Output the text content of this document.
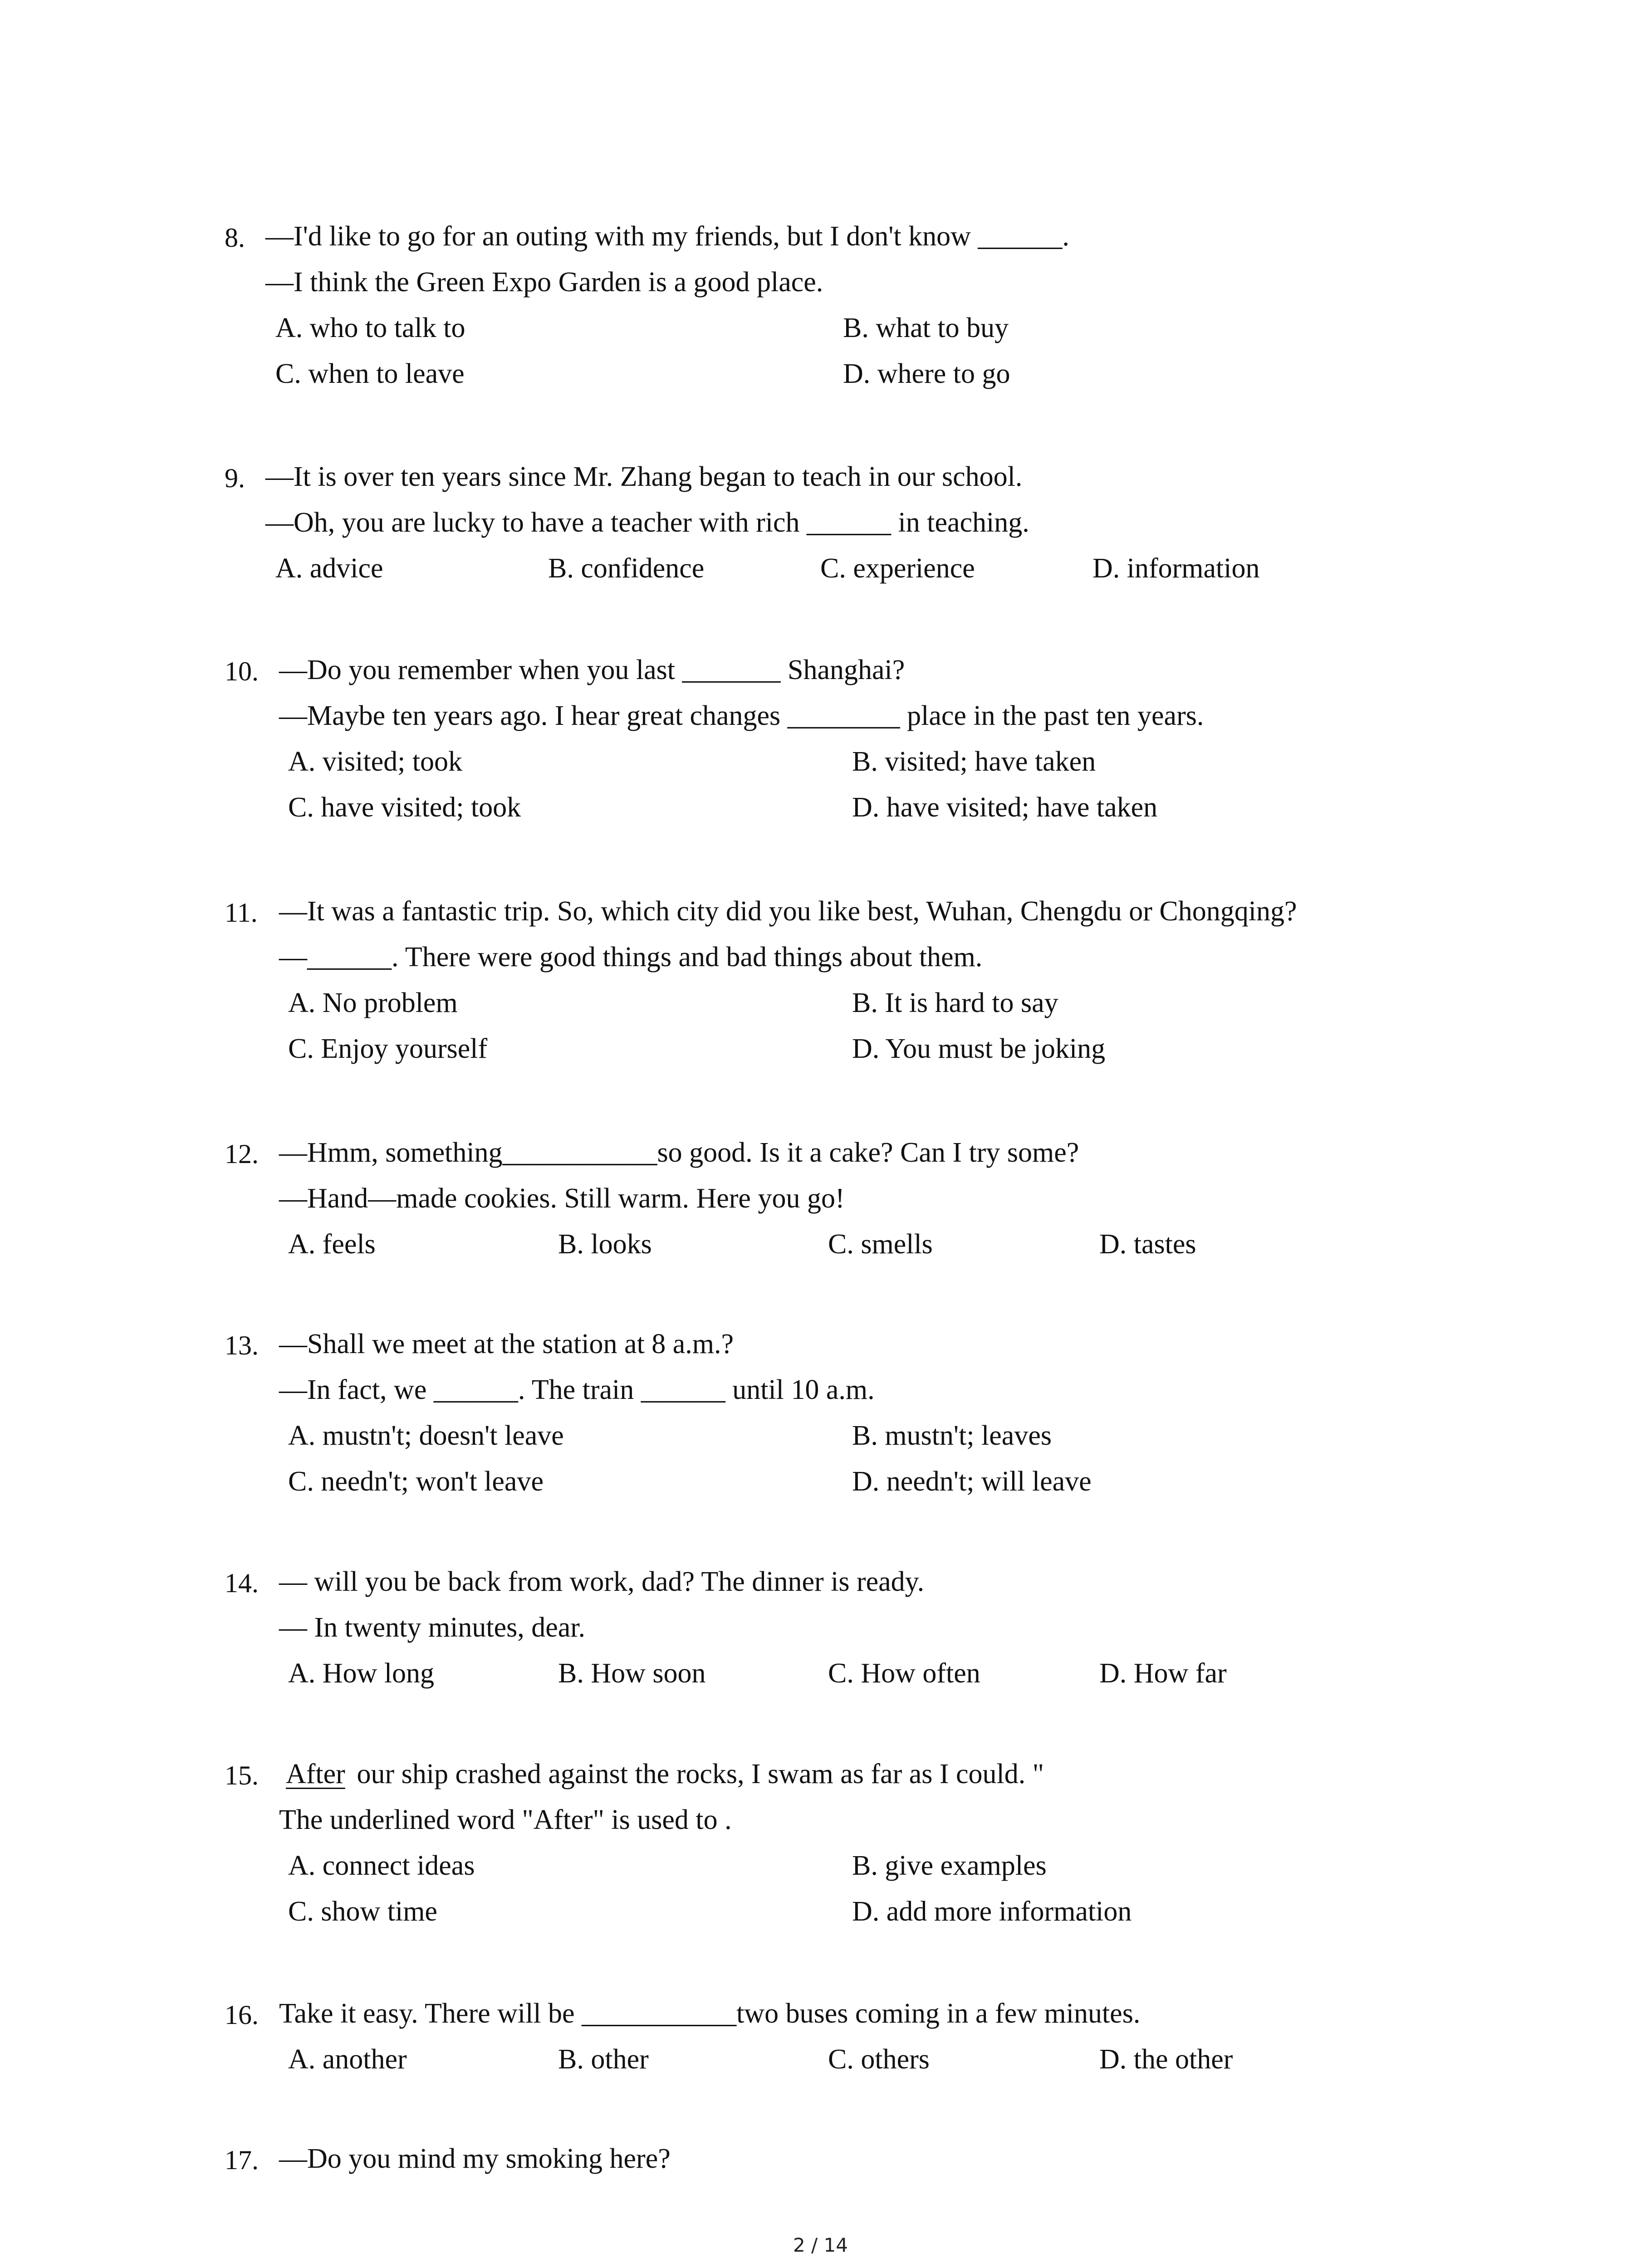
8. —I'd like to go for an outing with my friends, but I don't know ______.
—I think the Green Expo Garden is a good place.
A. who to talk to	B. what to buy
C. when to leave	D. where to go
9. —It is over ten years since Mr. Zhang began to teach in our school.
—Oh, you are lucky to have a teacher with rich ______ in teaching.
A. advice	B. confidence	C. experience	D. information
10. —Do you remember when you last _______ Shanghai?
—Maybe ten years ago. I hear great changes ________ place in the past ten years.
A. visited; took	B. visited; have taken
C. have visited; took	D. have visited; have taken
11. —It was a fantastic trip. So, which city did you like best, Wuhan, Chengdu or Chongqing?
—______. There were good things and bad things about them.
A. No problem	B. It is hard to say
C. Enjoy yourself	D. You must be joking
12. —Hmm, something___________so good. Is it a cake? Can I try some?
—Hand—made cookies. Still warm. Here you go!
A. feels	B. looks	C. smells	D. tastes
13. —Shall we meet at the station at 8 a.m.?
—In fact, we ______. The train ______ until 10 a.m.
A. mustn't; doesn't leave	B. mustn't; leaves
C. needn't; won't leave	D. needn't; will leave
14. — will you be back from work, dad? The dinner is ready.
— In twenty minutes, dear.
A. How long	B. How soon	C. How often	D. How far
15. After our ship crashed against the rocks, I swam as far as I could. "
The underlined word "After" is used to .
A. connect ideas	B. give examples
C. show time	D. add more information
16. Take it easy. There will be ___________two buses coming in a few minutes.
A. another	B. other	C. others	D. the other
17. —Do you mind my smoking here?
2 / 14
